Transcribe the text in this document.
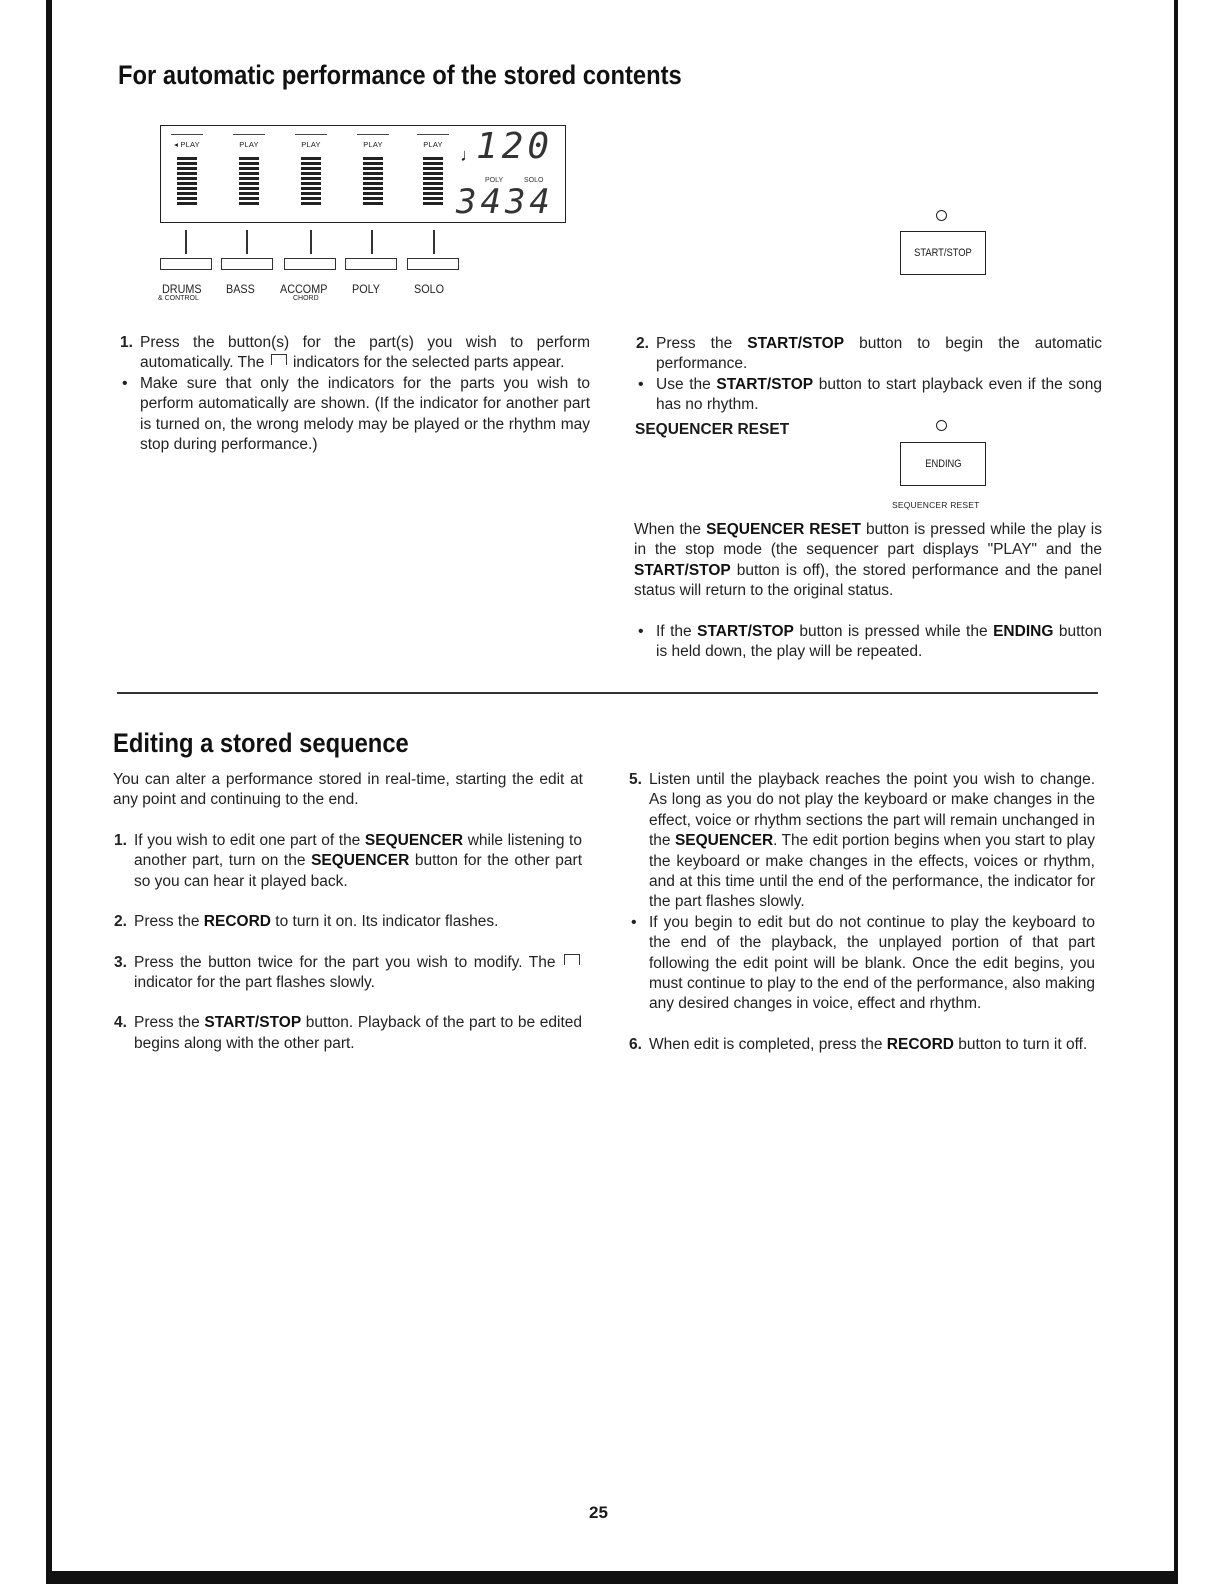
For automatic performance of the stored contents
◂ PLAY	PLAY	PLAY	PLAY	PLAY
♩
120
POLY	SOLO
3434
DRUMS
& CONTROL
BASS ACCOMP
CHORD
POLY	SOLO
START/STOP
1. Press the button(s) for the part(s) you wish to perform automatically. The indicators for the selected parts appear.
• Make sure that only the indicators for the parts you wish to perform automatically are shown. (If the indicator for another part is turned on, the wrong melody may be played or the rhythm may stop during performance.)
2. Press the START/STOP button to begin the automatic performance.
• Use the START/STOP button to start playback even if the song has no rhythm.
SEQUENCER RESET
ENDING
SEQUENCER RESET
When the SEQUENCER RESET button is pressed while the play is in the stop mode (the sequencer part displays "PLAY" and the START/STOP button is off), the stored performance and the panel status will return to the original status.
• If the START/STOP button is pressed while the ENDING button is held down, the play will be repeated.
Editing a stored sequence
You can alter a performance stored in real-time, starting the edit at any point and continuing to the end.
1. If you wish to edit one part of the SEQUENCER while listening to another part, turn on the SEQUENCER button for the other part so you can hear it played back.
2. Press the RECORD to turn it on. Its indicator flashes.
3. Press the button twice for the part you wish to modify. The  indicator for the part flashes slowly.
4. Press the START/STOP button. Playback of the part to be edited begins along with the other part.
5. Listen until the playback reaches the point you wish to change. As long as you do not play the keyboard or make changes in the effect, voice or rhythm sections the part will remain unchanged in the SEQUENCER. The edit portion begins when you start to play the keyboard or make changes in the effects, voices or rhythm, and at this time until the end of the performance, the indicator for the part flashes slowly.
• If you begin to edit but do not continue to play the keyboard to the end of the playback, the unplayed portion of that part following the edit point will be blank. Once the edit begins, you must continue to play to the end of the performance, also making any desired changes in voice, effect and rhythm.
6. When edit is completed, press the RECORD button to turn it off.
25
